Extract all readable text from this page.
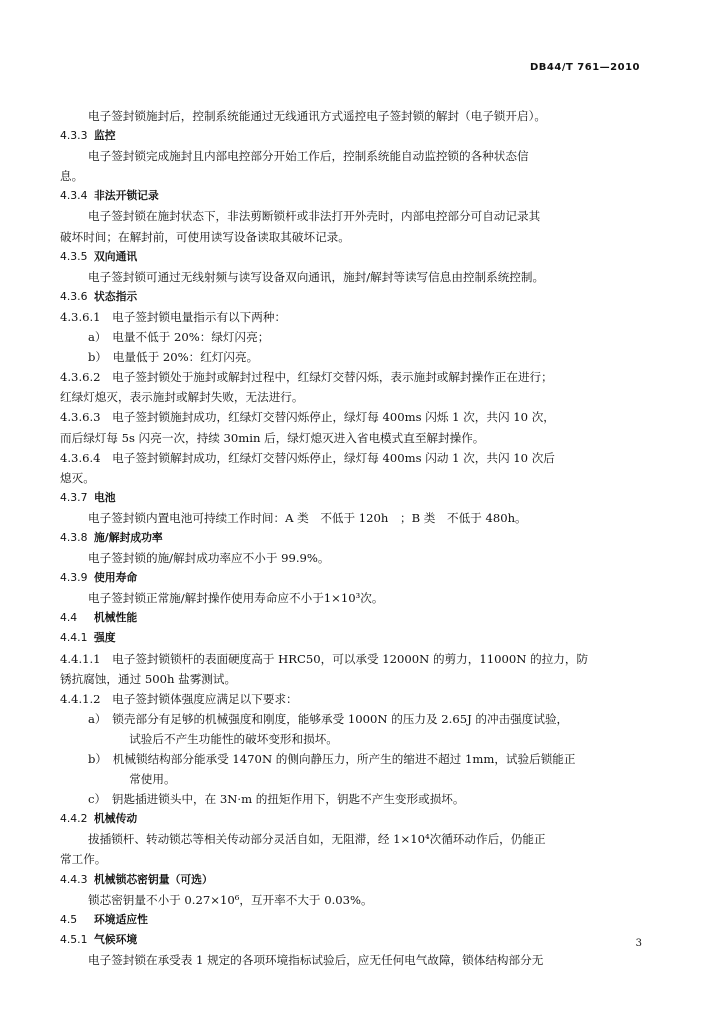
DB44/T 761—2010
电子签封锁施封后，控制系统能通过无线通讯方式遥控电子签封锁的解封（电子锁开启）。
4.3.3 监控
电子签封锁完成施封且内部电控部分开始工作后，控制系统能自动监控锁的各种状态信
息。
4.3.4 非法开锁记录
电子签封锁在施封状态下，非法剪断锁杆或非法打开外壳时，内部电控部分可自动记录其
破坏时间；在解封前，可使用读写设备读取其破坏记录。
4.3.5 双向通讯
电子签封锁可通过无线射频与读写设备双向通讯，施封/解封等读写信息由控制系统控制。
4.3.6 状态指示
4.3.6.1　电子签封锁电量指示有以下两种：
a）　电量不低于 20%：绿灯闪亮；
b）　电量低于 20%：红灯闪亮。
4.3.6.2　电子签封锁处于施封或解封过程中，红绿灯交替闪烁，表示施封或解封操作正在进行；
红绿灯熄灭，表示施封或解封失败，无法进行。
4.3.6.3　电子签封锁施封成功，红绿灯交替闪烁停止，绿灯每 400ms 闪烁 1 次，共闪 10 次，
而后绿灯每 5s 闪亮一次，持续 30min 后，绿灯熄灭进入省电模式直至解封操作。
4.3.6.4　电子签封锁解封成功，红绿灯交替闪烁停止，绿灯每 400ms 闪动 1 次，共闪 10 次后
熄灭。
4.3.7 电池
电子签封锁内置电池可持续工作时间：A 类　不低于 120h　；B 类　不低于 480h。
4.3.8 施/解封成功率
电子签封锁的施/解封成功率应不小于 99.9%。
4.3.9 使用寿命
电子签封锁正常施/解封操作使用寿命应不小于1×10³次。
4.4 机械性能
4.4.1 强度
4.4.1.1　电子签封锁锁杆的表面硬度高于 HRC50，可以承受 12000N 的剪力，11000N 的拉力，防
锈抗腐蚀，通过 500h 盐雾测试。
4.4.1.2　电子签封锁体强度应满足以下要求：
a）　锁壳部分有足够的机械强度和刚度，能够承受 1000N 的压力及 2.65J 的冲击强度试验，
　　试验后不产生功能性的破坏变形和损坏。
b）　机械锁结构部分能承受 1470N 的侧向静压力，所产生的缩进不超过 1mm，试验后锁能正
　　常使用。
c）　钥匙插进锁头中，在 3N·m 的扭矩作用下，钥匙不产生变形或损坏。
4.4.2 机械传动
拔插锁杆、转动锁芯等相关传动部分灵活自如，无阻滞，经 1×10⁴次循环动作后，仍能正
常工作。
4.4.3 机械锁芯密钥量（可选）
锁芯密钥量不小于 0.27×10⁶，互开率不大于 0.03%。
4.5 环境适应性
4.5.1 气候环境
电子签封锁在承受表 1 规定的各项环境指标试验后，应无任何电气故障，锁体结构部分无
3
